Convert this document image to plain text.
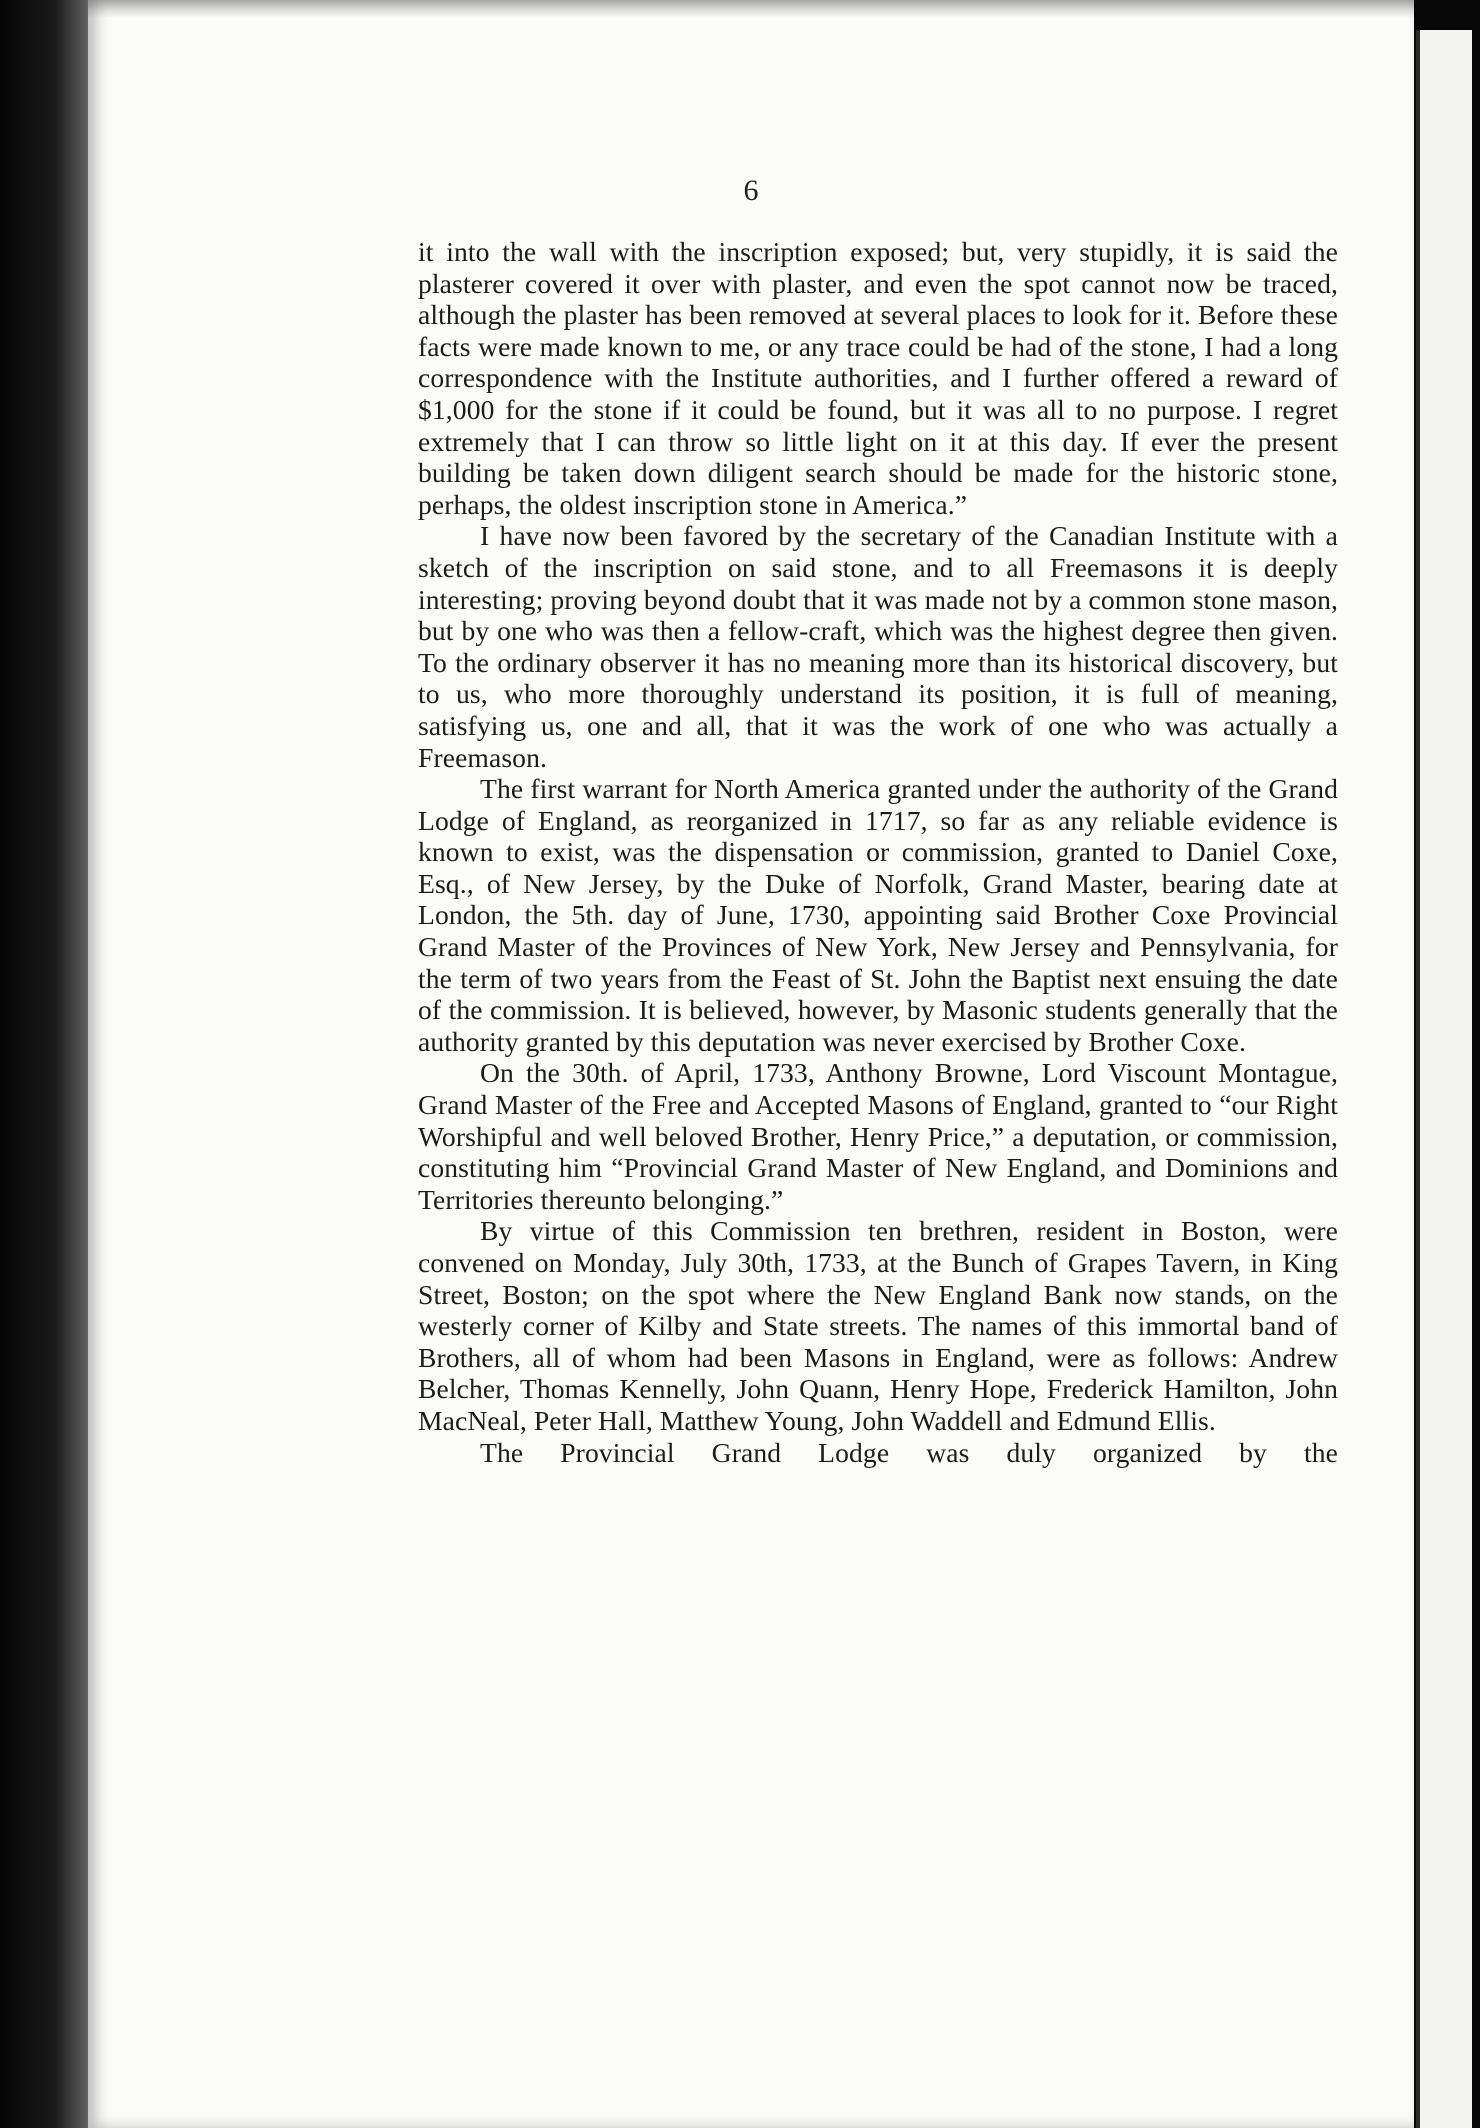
6

it into the wall with the inscription exposed; but, very stupidly, it is said the plasterer covered it over with plaster, and even the spot cannot now be traced, although the plaster has been removed at several places to look for it. Before these facts were made known to me, or any trace could be had of the stone, I had a long correspondence with the Institute authorities, and I further offered a reward of $1,000 for the stone if it could be found, but it was all to no purpose. I regret extremely that I can throw so little light on it at this day. If ever the present building be taken down diligent search should be made for the historic stone, perhaps, the oldest inscription stone in America.”

I have now been favored by the secretary of the Canadian Institute with a sketch of the inscription on said stone, and to all Freemasons it is deeply interesting; proving beyond doubt that it was made not by a common stone mason, but by one who was then a fellow-craft, which was the highest degree then given. To the ordinary observer it has no meaning more than its historical discovery, but to us, who more thoroughly understand its position, it is full of meaning, satisfying us, one and all, that it was the work of one who was actually a Freemason.

The first warrant for North America granted under the authority of the Grand Lodge of England, as reorganized in 1717, so far as any reliable evidence is known to exist, was the dispensation or commission, granted to Daniel Coxe, Esq., of New Jersey, by the Duke of Norfolk, Grand Master, bearing date at London, the 5th. day of June, 1730, appointing said Brother Coxe Provincial Grand Master of the Provinces of New York, New Jersey and Pennsylvania, for the term of two years from the Feast of St. John the Baptist next ensuing the date of the commission. It is believed, however, by Masonic students generally that the authority granted by this deputation was never exercised by Brother Coxe.

On the 30th. of April, 1733, Anthony Browne, Lord Viscount Montague, Grand Master of the Free and Accepted Masons of England, granted to “our Right Worshipful and well beloved Brother, Henry Price,” a deputation, or commission, constituting him “Provincial Grand Master of New England, and Dominions and Territories thereunto belonging.”

By virtue of this Commission ten brethren, resident in Boston, were convened on Monday, July 30th, 1733, at the Bunch of Grapes Tavern, in King Street, Boston; on the spot where the New England Bank now stands, on the westerly corner of Kilby and State streets. The names of this immortal band of Brothers, all of whom had been Masons in England, were as follows: Andrew Belcher, Thomas Kennelly, John Quann, Henry Hope, Frederick Hamilton, John MacNeal, Peter Hall, Matthew Young, John Waddell and Edmund Ellis.

The Provincial Grand Lodge was duly organized by the
